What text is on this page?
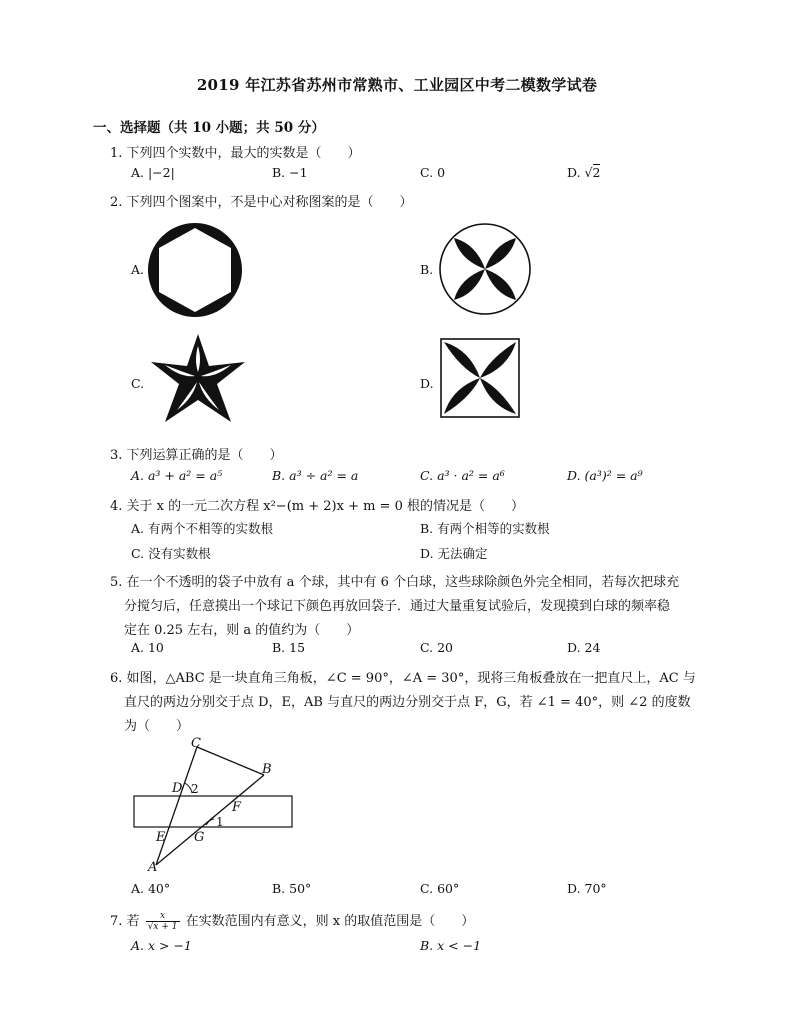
2019 年江苏省苏州市常熟市、工业园区中考二模数学试卷
一、选择题（共 10 小题；共 50 分）
1. 下列四个实数中，最大的实数是（　　）
A. |−2|	B. −1	C. 0	D. √2
2. 下列四个图案中，不是中心对称图案的是（　　）
A.	B.
C.	D.
3. 下列运算正确的是（　　）
A. a³ + a² = a⁵	B. a³ ÷ a² = a	C. a³ · a² = a⁶	D. (a³)² = a⁹
4. 关于 x 的一元二次方程 x²−(m + 2)x + m = 0 根的情况是（　　）
A. 有两个不相等的实数根	B. 有两个相等的实数根
C. 没有实数根	D. 无法确定
5. 在一个不透明的袋子中放有 a 个球，其中有 6 个白球，这些球除颜色外完全相同，若每次把球充
分搅匀后，任意摸出一个球记下颜色再放回袋子．通过大量重复试验后，发现摸到白球的频率稳
定在 0.25 左右，则 a 的值约为（　　）
A. 10	B. 15	C. 20	D. 24
6. 如图，△ABC 是一块直角三角板，∠C = 90°，∠A = 30°，现将三角板叠放在一把直尺上，AC 与
直尺的两边分别交于点 D，E，AB 与直尺的两边分别交于点 F，G，若 ∠1 = 40°，则 ∠2 的度数
为（　　）
C
B
D
F
E G
A
2
1
A. 40°	B. 50°	C. 60°	D. 70°
7. 若 $\frac{x}{√x + 1}$ 在实数范围内有意义，则 x 的取值范围是（　　）
A. x > −1	B. x < −1
